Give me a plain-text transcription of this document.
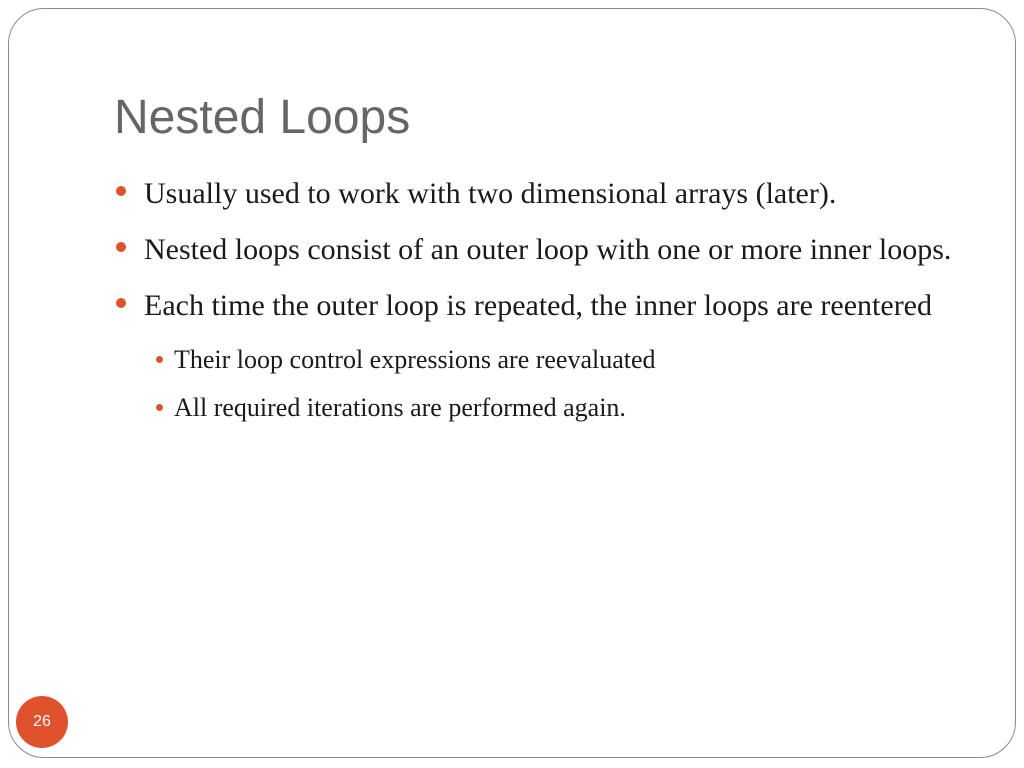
Nested Loops
Usually used to work with two dimensional arrays (later).
Nested loops consist of an outer loop with one or more inner loops.
Each time the outer loop is repeated, the inner loops are reentered
Their loop control expressions are reevaluated
All required iterations are performed again.
26
